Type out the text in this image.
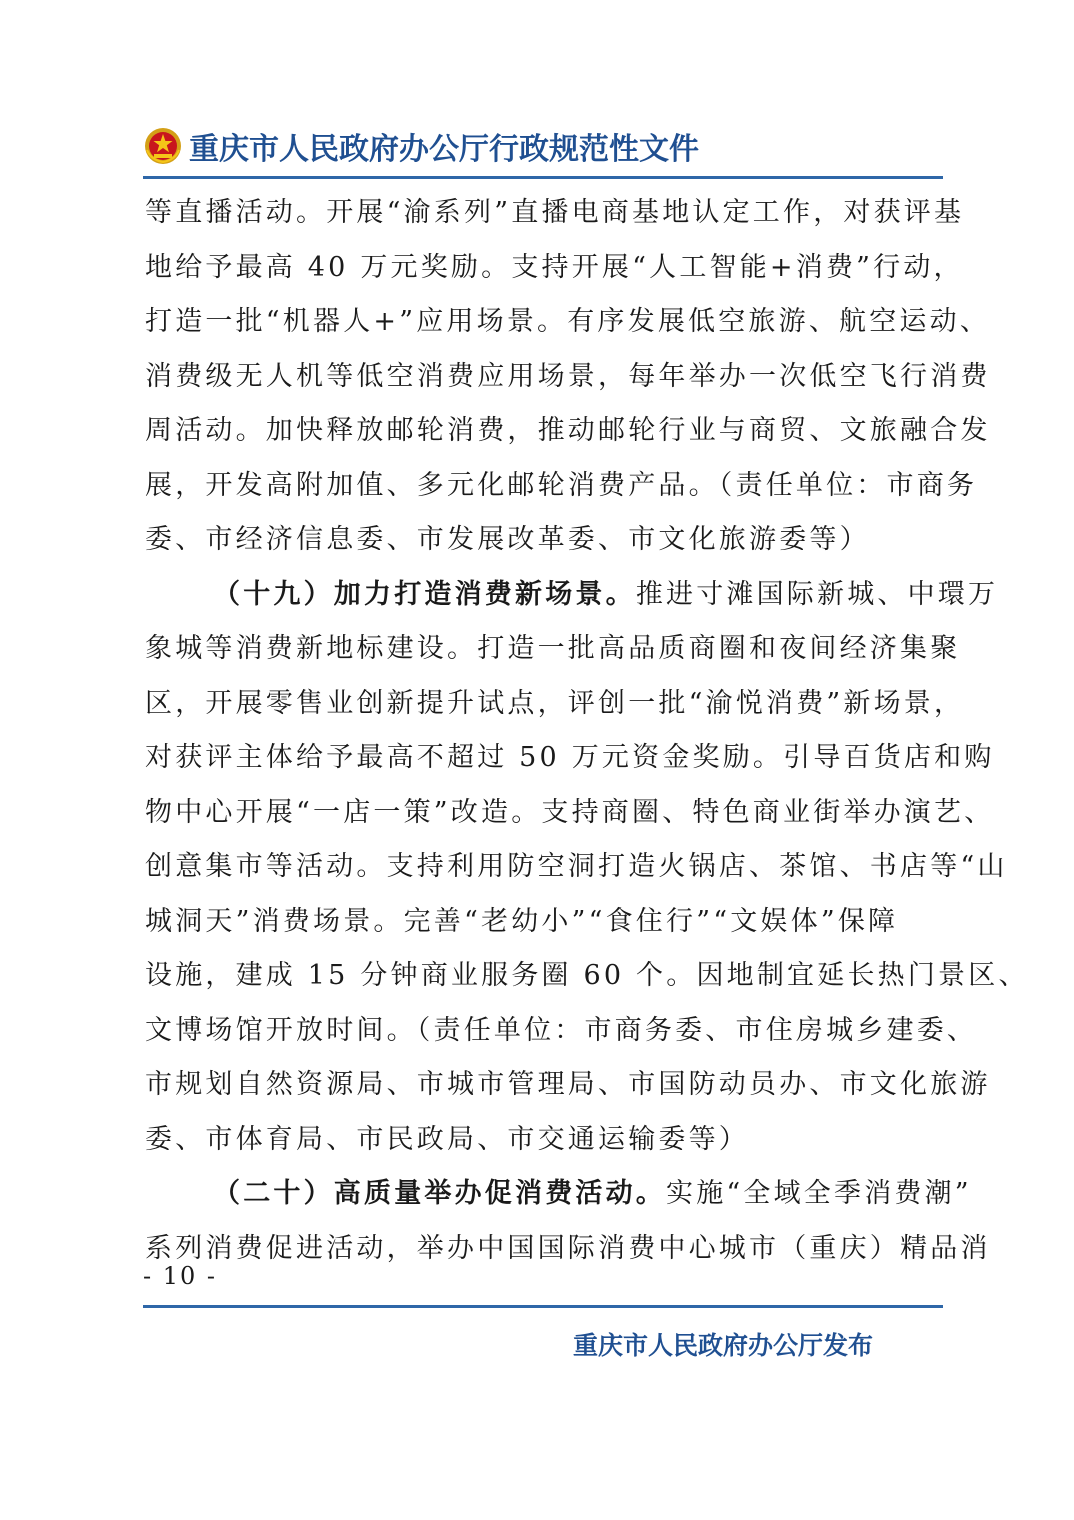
重庆市人民政府办公厅行政规范性文件
等直播活动。开展“渝系列”直播电商基地认定工作，对获评基
地给予最高 40 万元奖励。支持开展“人工智能+消费”行动，
打造一批“机器人+”应用场景。有序发展低空旅游、航空运动、
消费级无人机等低空消费应用场景，每年举办一次低空飞行消费
周活动。加快释放邮轮消费，推动邮轮行业与商贸、文旅融合发
展，开发高附加值、多元化邮轮消费产品。（责任单位：市商务
委、市经济信息委、市发展改革委、市文化旅游委等）
（十九）加力打造消费新场景。推进寸滩国际新城、中環万
象城等消费新地标建设。打造一批高品质商圈和夜间经济集聚
区，开展零售业创新提升试点，评创一批“渝悦消费”新场景，
对获评主体给予最高不超过 50 万元资金奖励。引导百货店和购
物中心开展“一店一策”改造。支持商圈、特色商业街举办演艺、
创意集市等活动。支持利用防空洞打造火锅店、茶馆、书店等“山
城洞天”消费场景。完善“老幼小”“食住行”“文娱体”保障
设施，建成 15 分钟商业服务圈 60 个。因地制宜延长热门景区、
文博场馆开放时间。（责任单位：市商务委、市住房城乡建委、
市规划自然资源局、市城市管理局、市国防动员办、市文化旅游
委、市体育局、市民政局、市交通运输委等）
（二十）高质量举办促消费活动。实施“全域全季消费潮”
系列消费促进活动，举办中国国际消费中心城市（重庆）精品消
- 10 -
重庆市人民政府办公厅发布
